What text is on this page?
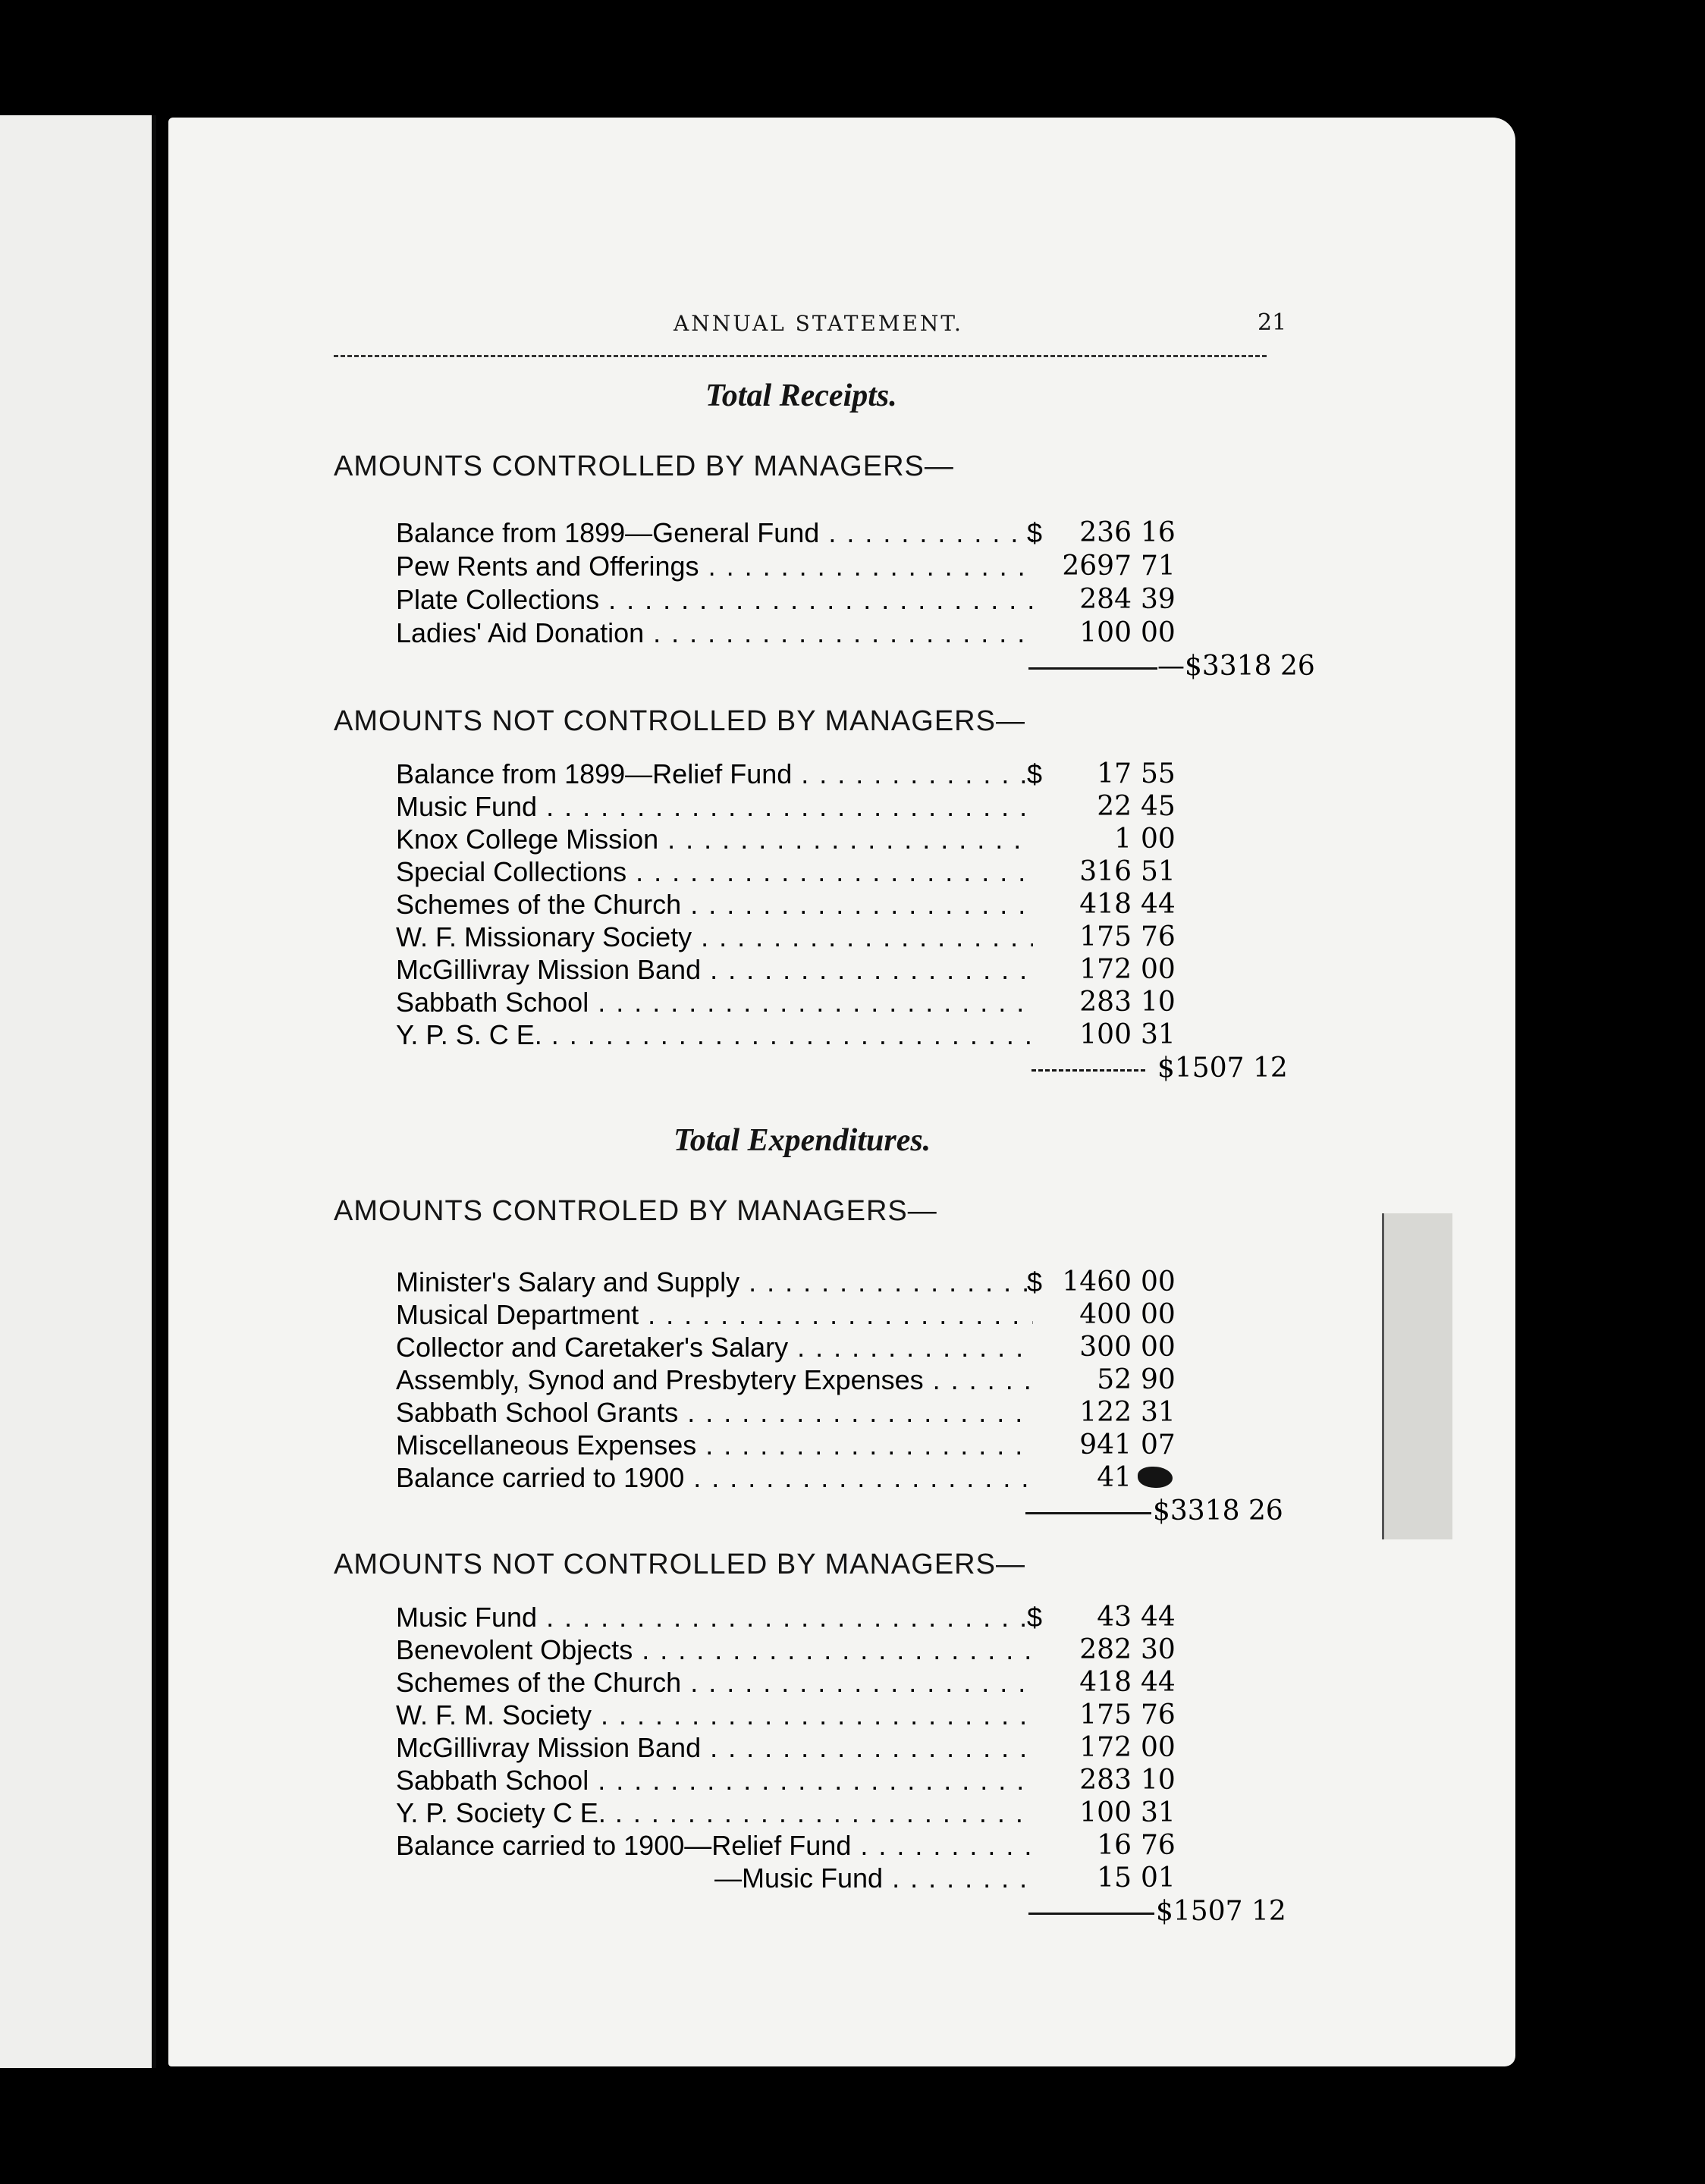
ANNUAL STATEMENT.	21
Total Receipts.
AMOUNTS CONTROLLED BY MANAGERS—
Balance from 1899—General Fund . . .	$	236 16
Pew Rents and Offerings . . .	2697 71
Plate Collections . . .	284 39
Ladies' Aid Donation . . .	100 00
—$3318 26
AMOUNTS NOT CONTROLLED BY MANAGERS—
Balance from 1899—Relief Fund . . .	$	17 55
Music Fund . . .	22 45
Knox College Mission . . .	1 00
Special Collections . . .	316 51
Schemes of the Church . . .	418 44
W. F. Missionary Society . . .	175 76
McGillivray Mission Band . . .	172 00
Sabbath School . . .	283 10
Y. P. S. C E. . . .	100 31
$1507 12
Total Expenditures.
AMOUNTS CONTROLED BY MANAGERS—
Minister's Salary and Supply . . .	$ 1460 00
Musical Department . . .	400 00
Collector and Caretaker's Salary . . .	300 00
Assembly, Synod and Presbytery Expenses . . .	52 90
Sabbath School Grants . . .	122 31
Miscellaneous Expenses . . .	941 07
Balance carried to 1900 . . .	41
$3318 26
AMOUNTS NOT CONTROLLED BY MANAGERS—
Music Fund . . .	$	43 44
Benevolent Objects . . .	282 30
Schemes of the Church . . .	418 44
W. F. M. Society . . .	175 76
McGillivray Mission Band . . .	172 00
Sabbath School . . .	283 10
Y. P. Society C E. . . .	100 31
Balance carried to 1900—Relief Fund . . .	16 76
—Music Fund . . .	15 01
$1507 12
